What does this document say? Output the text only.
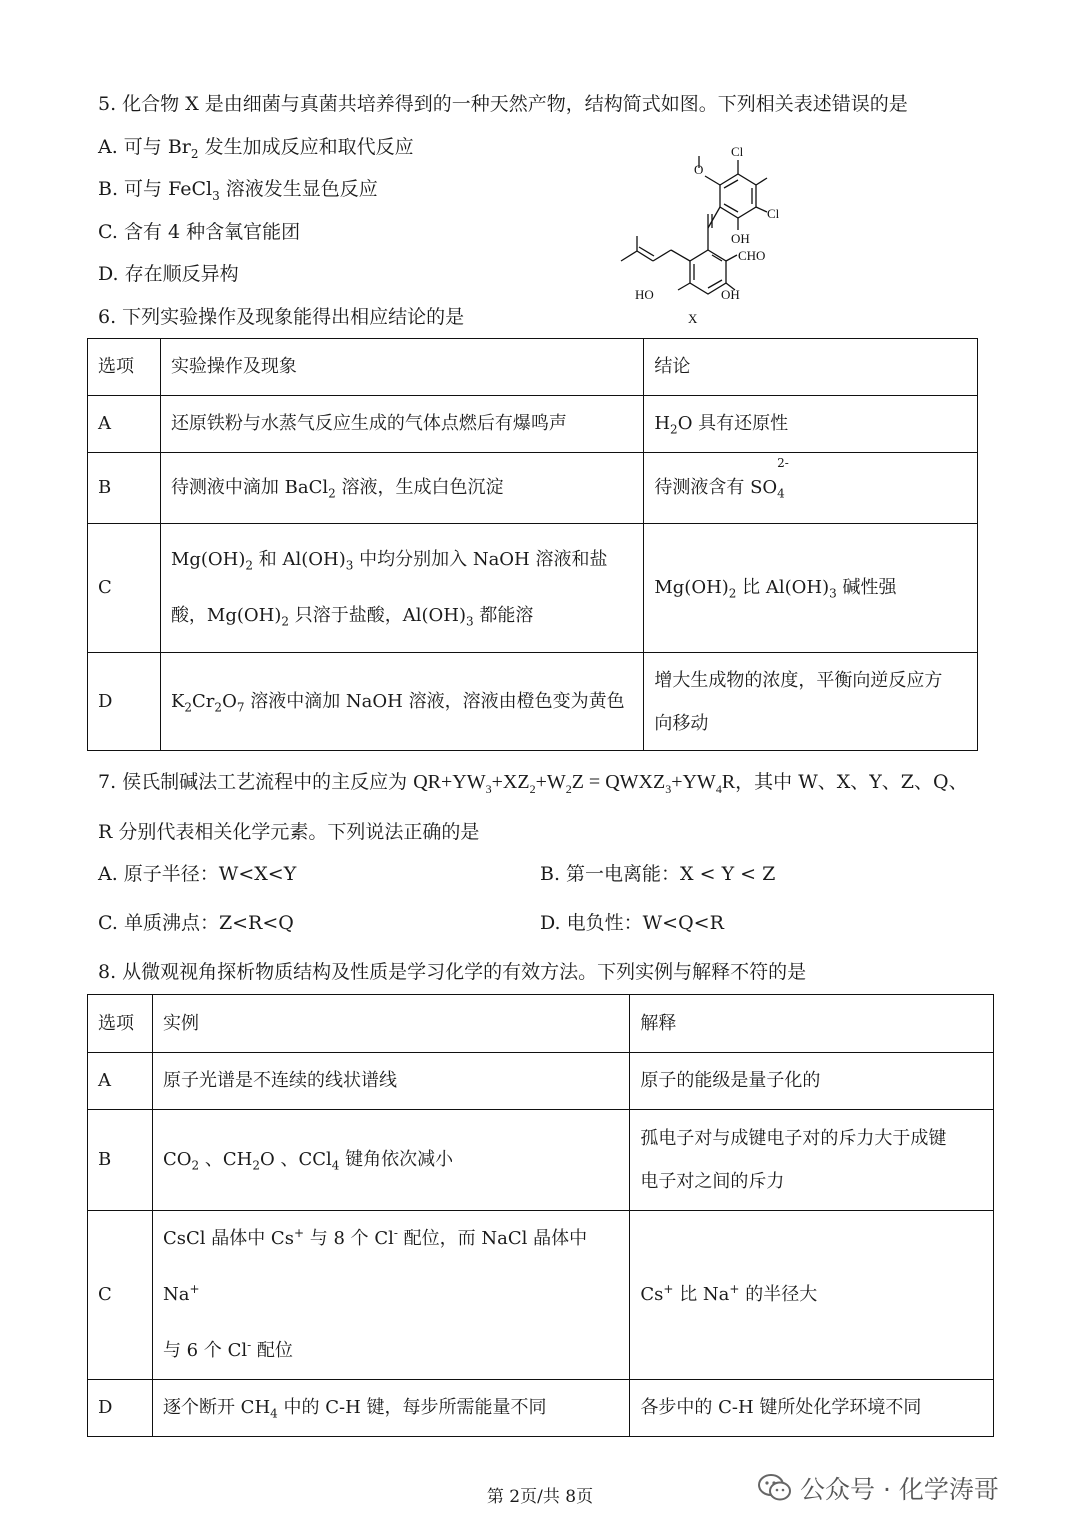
5. 化合物 X 是由细菌与真菌共培养得到的一种天然产物，结构简式如图。下列相关表述错误的是
A. 可与 $Br_2$ 发生加成反应和取代反应
B. 可与 FeCl$_3$ 溶液发生显色反应
C. 含有 4 种含氧官能团
D. 存在顺反异构
Cl
Cl
O
OH
CHO
HO	OH
X
6. 下列实验操作及现象能得出相应结论的是
选项	实验操作及现象	结论
A	还原铁粉与水蒸气反应生成的气体点燃后有爆鸣声	$H_2O$ 具有还原性
B	待测液中滴加 BaCl$_2$ 溶液，生成白色沉淀	待测液含有 SO
$^{2-}$
$_4$
C	$Mg(OH)_2$ 和 $Al(OH)_3$ 中均分别加入 NaOH 溶液和盐
酸，$Mg(OH)_2$ 只溶于盐酸，$Al(OH)_3$ 都能溶	$Mg(OH)_2$ 比 $Al(OH)_3$ 碱性强
D	$K_2Cr_2O_7$ 溶液中滴加 NaOH 溶液，溶液由橙色变为黄色	增大生成物的浓度，平衡向逆反应方
向移动
7. 侯氏制碱法工艺流程中的主反应为 $QR+YW_3+XZ_2+W_2Z$ = $QWXZ_3+YW_4R$，其中 W、X、Y、Z、Q、
R 分别代表相关化学元素。下列说法正确的是
A. 原子半径：W<X<Y	B. 第一电离能：X < Y < Z
C. 单质沸点：Z<R<Q	D. 电负性：W<Q<R
8. 从微观视角探析物质结构及性质是学习化学的有效方法。下列实例与解释不符的是
选项	实例	解释
A	原子光谱是不连续的线状谱线	原子的能级是量子化的
B	$CO_2$ 、$CH_2O$ 、CCl$_4$ 键角依次减小	孤电子对与成键电子对的斥力大于成键
电子对之间的斥力

C	CsCl 晶体中 Cs+ 与 8 个 Cl- 配位，而 NaCl 晶体中 Na+
与 6 个 Cl- 配位	Cs+ 比 Na+ 的半径大
D	逐个断开 $CH_4$ 中的 C-H 键，每步所需能量不同	各步中的 C-H 键所处化学环境不同
第 2页/共 8页	公众号 · 化学涛哥
